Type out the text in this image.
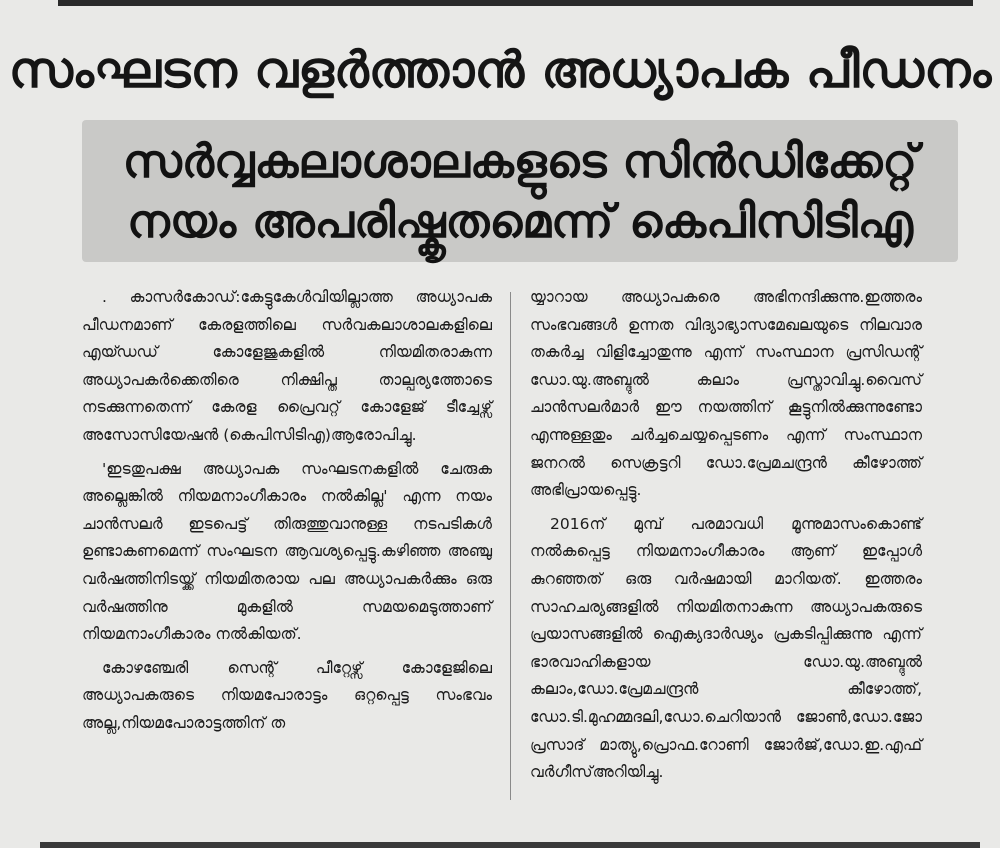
സംഘടന വളർത്താൻ അധ്യാപക പീഡനം
സർവ്വകലാശാലകളുടെ സിൻഡിക്കേറ്റ്
നയം അപരിഷ്കൃതമെന്ന് കെപിസിടിഎ

. കാസർകോഡ്:കേട്ടുകേൾവിയില്ലാത്ത അധ്യാപക പീഡനമാണ് കേരളത്തിലെ സർവകലാശാലകളിലെ എയ്ഡഡ് കോളേജുകളിൽ നിയമിതരാകുന്ന അധ്യാപകർക്കെതിരെ നിക്ഷിപ്ത താല്പര്യത്തോടെ നടക്കുന്നതെന്ന് കേരള പ്രൈവറ്റ് കോളേജ് ടീച്ചേഴ്സ് അസോസിയേഷൻ (കെപിസിടിഎ)ആരോപിച്ചു.

'ഇടതുപക്ഷ അധ്യാപക സംഘടനകളിൽ ചേരുക അല്ലെങ്കിൽ നിയമനാംഗീകാരം നൽകില്ല' എന്ന നയം ചാൻസലർ ഇടപെട്ട് തിരുത്തുവാനുള്ള നടപടികൾ ഉണ്ടാകണമെന്ന് സംഘടന ആവശ്യപ്പെട്ടു.കഴിഞ്ഞ അഞ്ചു വർഷത്തിനിടയ്ക്ക് നിയമിതരായ പല അധ്യാപകർക്കും ഒരു വർഷത്തിനു മുകളിൽ സമയമെടുത്താണ് നിയമനാംഗീകാരം നൽകിയത്.

കോഴഞ്ചേരി സെന്റ് പീറ്റേഴ്സ് കോളേജിലെ അധ്യാപകരുടെ നിയമപോരാട്ടം ഒറ്റപ്പെട്ട സംഭവം അല്ല,നിയമപോരാട്ടത്തിന് ത

യ്യാറായ അധ്യാപകരെ അഭിനന്ദിക്കുന്നു.ഇത്തരം സംഭവങ്ങൾ ഉന്നത വിദ്യാഭ്യാസമേഖലയുടെ നിലവാര തകർച്ച വിളിച്ചോതുന്നു എന്ന് സംസ്ഥാന പ്രസിഡന്റ് ഡോ.യു.അബ്ദുൽ കലാം പ്രസ്താവിച്ചു.വൈസ് ചാൻസലർമാർ ഈ നയത്തിന് കൂട്ടുനിൽക്കുന്നുണ്ടോ എന്നുള്ളതും ചർച്ചചെയ്യപ്പെടണം എന്ന് സംസ്ഥാന ജനറൽ സെക്രട്ടറി ഡോ.പ്രേമചന്ദ്രൻ കീഴോത്ത് അഭിപ്രായപ്പെട്ടു.

2016ന് മുമ്പ് പരമാവധി മൂന്നുമാസംകൊണ്ട് നൽകപ്പെട്ട നിയമനാംഗീകാരം ആണ് ഇപ്പോൾ കുറഞ്ഞത് ഒരു വർഷമായി മാറിയത്. ഇത്തരം സാഹചര്യങ്ങളിൽ നിയമിതനാകുന്ന അധ്യാപകരുടെ പ്രയാസങ്ങളിൽ ഐക്യദാർഢ്യം പ്രകടിപ്പിക്കുന്നു എന്ന് ഭാരവാഹികളായ ഡോ.യു.അബ്ദുൽ കലാം,ഡോ.പ്രേമചന്ദ്രൻ കീഴോത്ത്, ഡോ.ടി.മുഹമ്മദലി,ഡോ.ചെറിയാൻ ജോൺ,ഡോ.ജോ പ്രസാദ് മാത്യു,പ്രൊഫ.റോണി ജോർജ്,ഡോ.ഇ.എഫ് വർഗീസ്അറിയിച്ചു.
